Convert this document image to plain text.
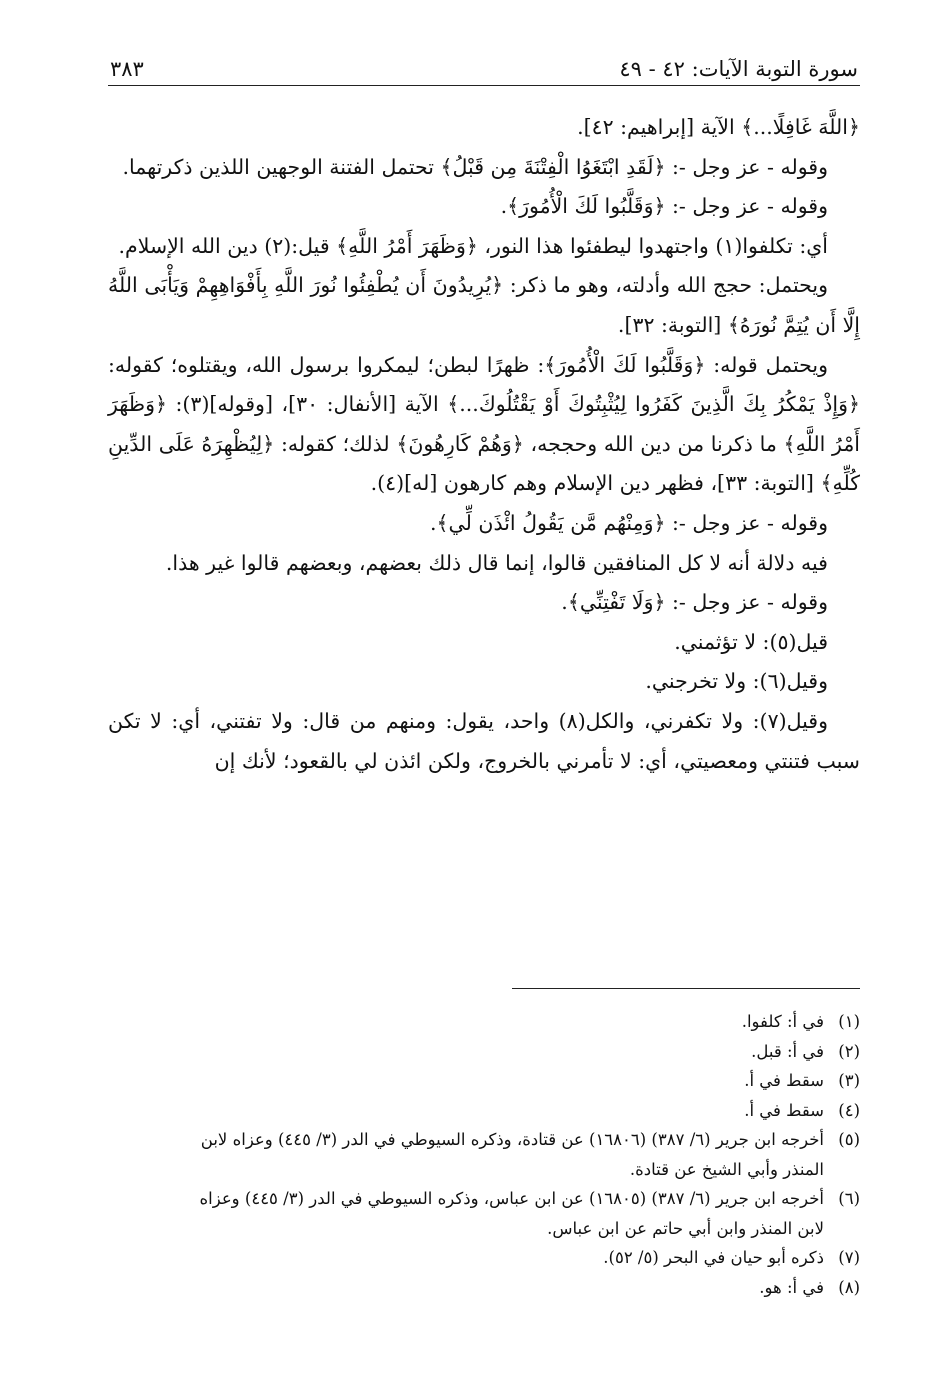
سورة التوبة الآيات: ٤٢ - ٤٩
٣٨٣

﴿اللَّهَ غَافِلًا...﴾ الآية [إبراهيم: ٤٢].

وقوله - عز وجل -: ﴿لَقَدِ ابْتَغَوُا الْفِتْنَةَ مِن قَبْلُ﴾ تحتمل الفتنة الوجهين اللذين ذكرتهما.

وقوله - عز وجل -: ﴿وَقَلَّبُوا لَكَ الْأُمُورَ﴾.

أي: تكلفوا(١) واجتهدوا ليطفئوا هذا النور، ﴿وَظَهَرَ أَمْرُ اللَّهِ﴾ قيل:(٢) دين الله الإسلام.

ويحتمل: حجج الله وأدلته، وهو ما ذكر: ﴿يُرِيدُونَ أَن يُطْفِئُوا نُورَ اللَّهِ بِأَفْوَاهِهِمْ وَيَأْبَى اللَّهُ إِلَّا أَن يُتِمَّ نُورَهُ﴾ [التوبة: ٣٢].

ويحتمل قوله: ﴿وَقَلَّبُوا لَكَ الْأُمُورَ﴾: ظهرًا لبطن؛ ليمكروا برسول الله، ويقتلوه؛ كقوله: ﴿وَإِذْ يَمْكُرُ بِكَ الَّذِينَ كَفَرُوا لِيُثْبِتُوكَ أَوْ يَقْتُلُوكَ...﴾ الآية [الأنفال: ٣٠]، [وقوله](٣): ﴿وَظَهَرَ أَمْرُ اللَّهِ﴾ ما ذكرنا من دين الله وحججه، ﴿وَهُمْ كَارِهُونَ﴾ لذلك؛ كقوله: ﴿لِيُظْهِرَهُ عَلَى الدِّينِ كُلِّهِ﴾ [التوبة: ٣٣]، فظهر دين الإسلام وهم كارهون [له](٤).

وقوله - عز وجل -: ﴿وَمِنْهُم مَّن يَقُولُ ائْذَن لِّي﴾.

فيه دلالة أنه لا كل المنافقين قالوا، إنما قال ذلك بعضهم، وبعضهم قالوا غير هذا.

وقوله - عز وجل -: ﴿وَلَا تَفْتِنِّي﴾.

قيل(٥): لا تؤثمني.

وقيل(٦): ولا تخرجني.

وقيل(٧): ولا تكفرني، والكل(٨) واحد، يقول: ومنهم من قال: ولا تفتني، أي: لا تكن سبب فتنتي ومعصيتي، أي: لا تأمرني بالخروج، ولكن ائذن لي بالقعود؛ لأنك إن

(١)
في أ: كلفوا.
(٢)
في أ: قبل.
(٣)
سقط في أ.
(٤)
سقط في أ.
(٥)
أخرجه ابن جرير (٦/ ٣٨٧) (١٦٨٠٦) عن قتادة، وذكره السيوطي في الدر (٣/ ٤٤٥) وعزاه لابن
المنذر وأبي الشيخ عن قتادة.
(٦)
أخرجه ابن جرير (٦/ ٣٨٧) (١٦٨٠٥) عن ابن عباس، وذكره السيوطي في الدر (٣/ ٤٤٥) وعزاه
لابن المنذر وابن أبي حاتم عن ابن عباس.
(٧)
ذكره أبو حيان في البحر (٥/ ٥٢).
(٨)
في أ: هو.
